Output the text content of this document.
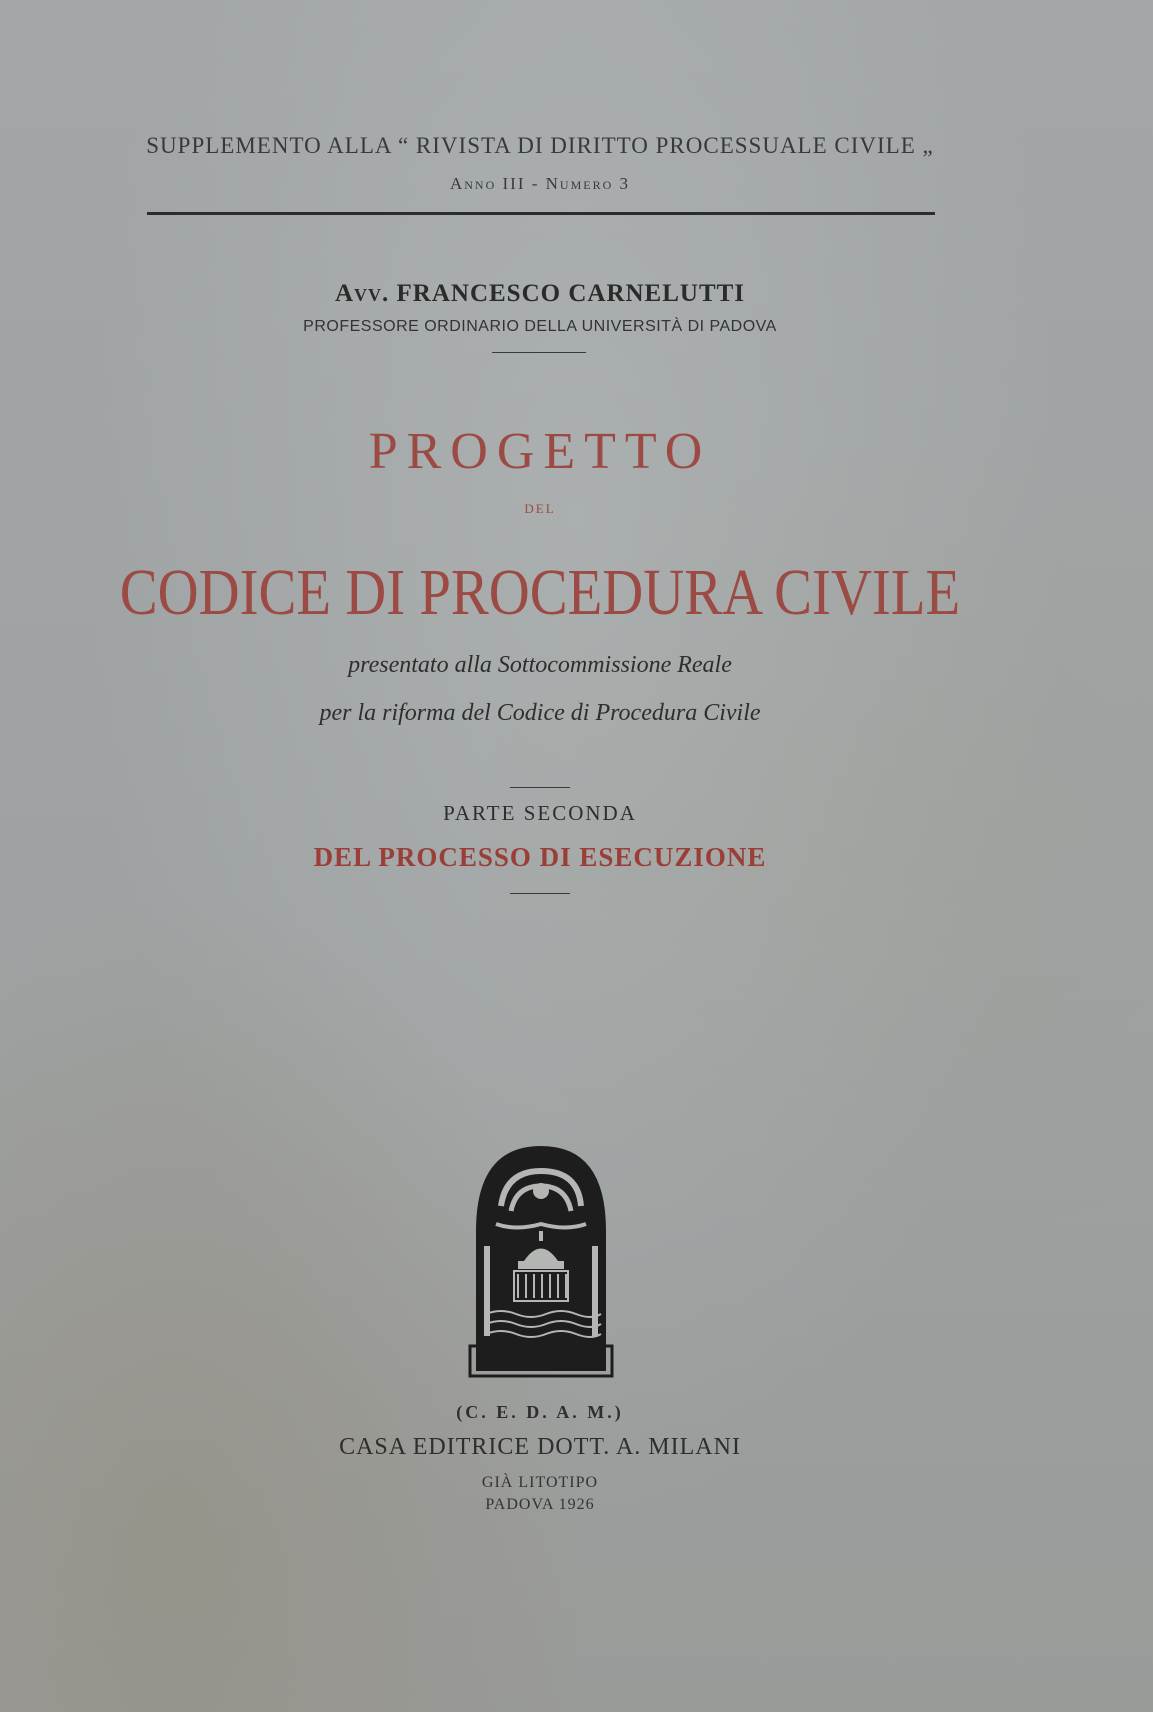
SUPPLEMENTO ALLA “ RIVISTA DI DIRITTO PROCESSUALE CIVILE „
Anno III - Numero 3
Avv. FRANCESCO CARNELUTTI
PROFESSORE ORDINARIO DELLA UNIVERSITÀ DI PADOVA
PROGETTO
del
CODICE DI PROCEDURA CIVILE
presentato alla Sottocommissione Reale
per la riforma del Codice di Procedura Civile
PARTE SECONDA
DEL PROCESSO DI ESECUZIONE
MANI CEAM
(C. E. D. A. M.)
CASA EDITRICE DOTT. A. MILANI
GIÀ LITOTIPO
PADOVA 1926
